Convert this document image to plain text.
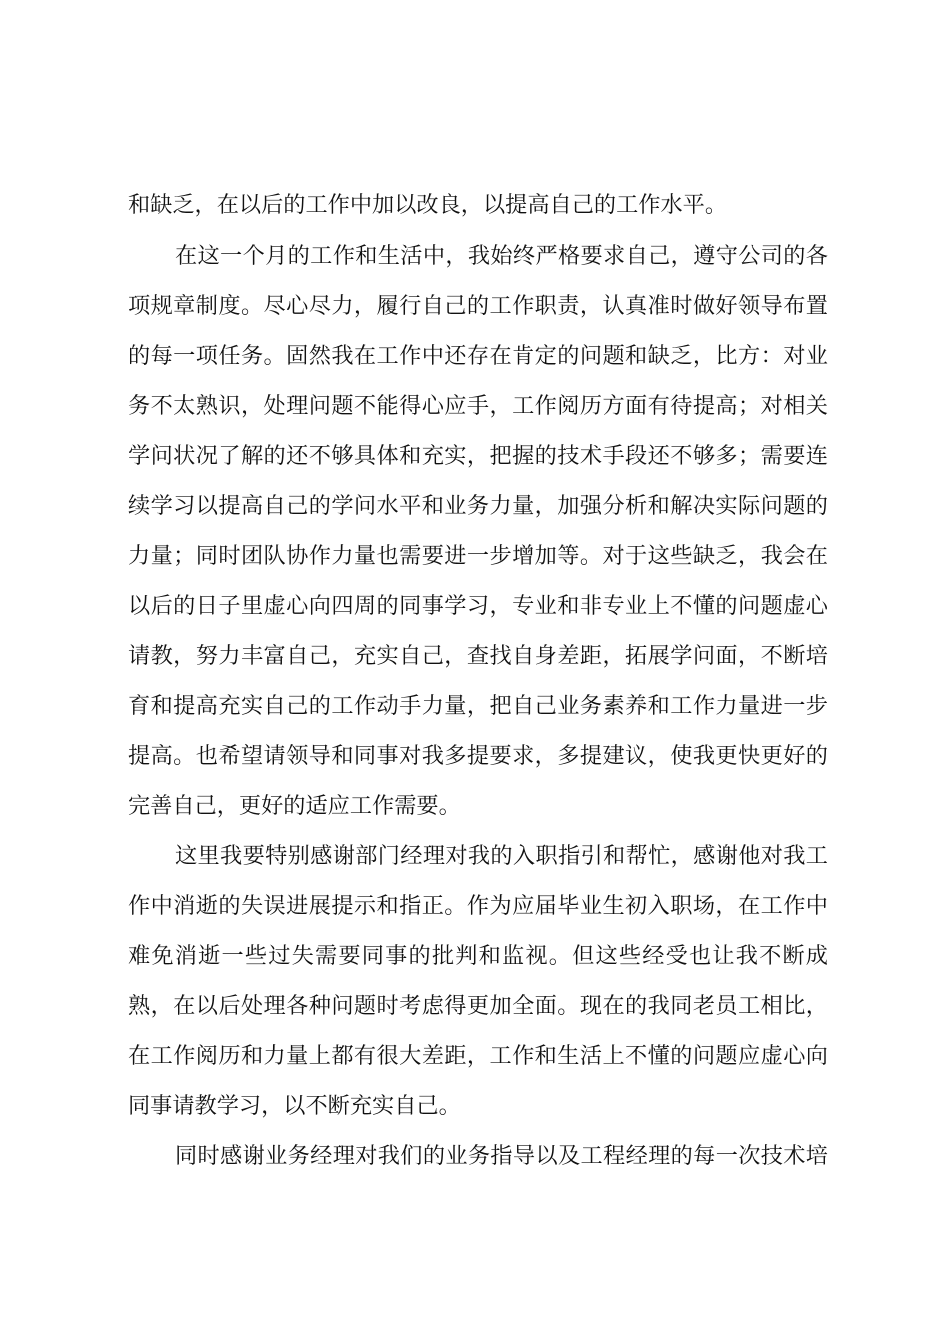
和缺乏，在以后的工作中加以改良，以提高自己的工作水平。
在这一个月的工作和生活中，我始终严格要求自己，遵守公司的各
项规章制度。尽心尽力，履行自己的工作职责，认真准时做好领导布置
的每一项任务。固然我在工作中还存在肯定的问题和缺乏，比方：对业
务不太熟识，处理问题不能得心应手，工作阅历方面有待提高；对相关
学问状况了解的还不够具体和充实，把握的技术手段还不够多；需要连
续学习以提高自己的学问水平和业务力量，加强分析和解决实际问题的
力量；同时团队协作力量也需要进一步增加等。对于这些缺乏，我会在
以后的日子里虚心向四周的同事学习，专业和非专业上不懂的问题虚心
请教，努力丰富自己，充实自己，查找自身差距，拓展学问面，不断培
育和提高充实自己的工作动手力量，把自己业务素养和工作力量进一步
提高。也希望请领导和同事对我多提要求，多提建议，使我更快更好的
完善自己，更好的适应工作需要。
这里我要特别感谢部门经理对我的入职指引和帮忙，感谢他对我工
作中消逝的失误进展提示和指正。作为应届毕业生初入职场，在工作中
难免消逝一些过失需要同事的批判和监视。但这些经受也让我不断成
熟，在以后处理各种问题时考虑得更加全面。现在的我同老员工相比，
在工作阅历和力量上都有很大差距，工作和生活上不懂的问题应虚心向
同事请教学习，以不断充实自己。
同时感谢业务经理对我们的业务指导以及工程经理的每一次技术培
